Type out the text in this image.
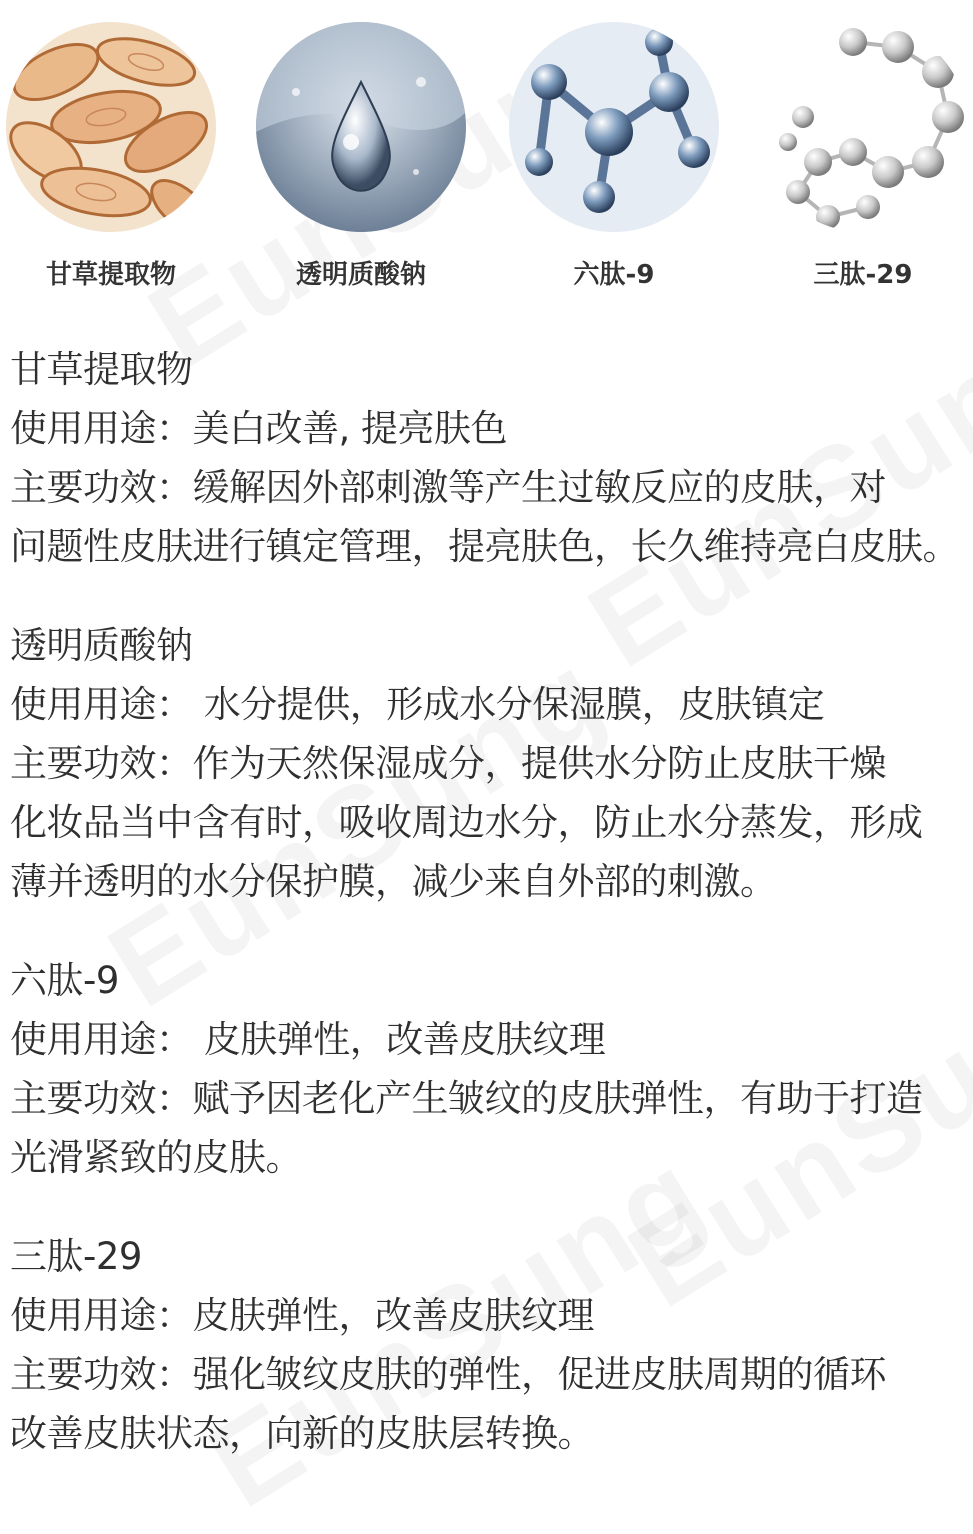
甘草提取物	透明质酸钠	六肽-9	三肽-29
甘草提取物
使用用途：美白改善, 提亮肤色
主要功效：缓解因外部刺激等产生过敏反应的皮肤，对
问题性皮肤进行镇定管理，提亮肤色，长久维持亮白皮肤。
透明质酸钠
使用用途： 水分提供，形成水分保湿膜，皮肤镇定
主要功效：作为天然保湿成分，提供水分防止皮肤干燥
化妆品当中含有时，吸收周边水分，防止水分蒸发，形成
薄并透明的水分保护膜，减少来自外部的刺激。
六肽-9
使用用途： 皮肤弹性，改善皮肤纹理
主要功效：赋予因老化产生皱纹的皮肤弹性，有助于打造
光滑紧致的皮肤。
三肽-29
使用用途：皮肤弹性，改善皮肤纹理
主要功效：强化皱纹皮肤的弹性，促进皮肤周期的循环
改善皮肤状态，向新的皮肤层转换。
